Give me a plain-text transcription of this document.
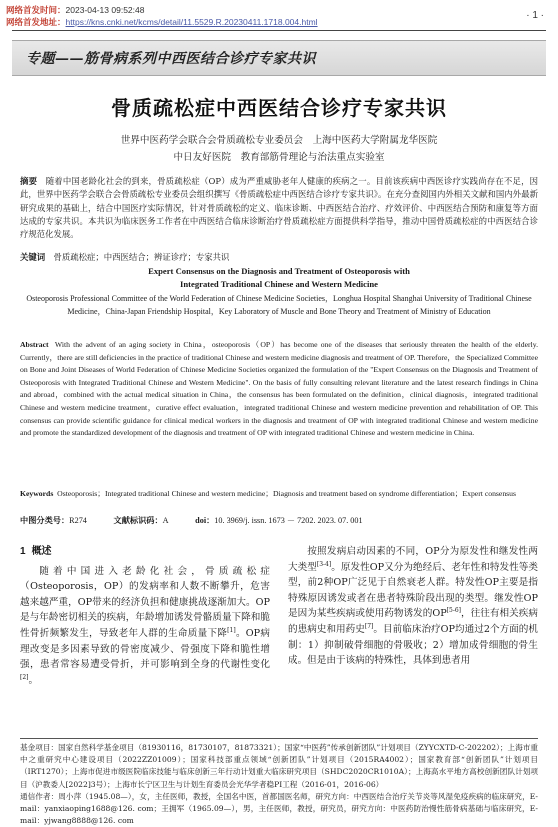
网络首发时间：2023-04-13 09:52:48
网络首发地址：https://kns.cnki.net/kcms/detail/11.5529.R.20230411.1718.004.html
· 1 ·
专题——筋骨病系列中西医结合诊疗专家共识
骨质疏松症中西医结合诊疗专家共识
世界中医药学会联合会骨质疏松专业委员会　上海中医药大学附属龙华医院
中日友好医院　教育部筋骨理论与治法重点实验室
摘要　 随着中国老龄化社会的到来，骨质疏松症（OP）成为严重威胁老年人健康的疾病之一。目前该疾病中西医诊疗实践尚存在不足，因此，世界中医药学会联合会骨质疏松专业委员会组织撰写《骨质疏松症中西医结合诊疗专家共识》。在充分查阅国内外相关文献和国内外最新研究成果的基础上，结合中国医疗实际情况，针对骨质疏松的定义、临床诊断、中西医结合治疗、疗效评价、中西医结合预防和康复等方面达成的专家共识。本共识为临床医务工作者在中西医结合临床诊断治疗骨质疏松症方面提供科学指导，推动中国骨质疏松症的中西医结合诊疗规范化发展。
关键词　 骨质疏松症；中西医结合；辨证诊疗；专家共识
Expert Consensus on the Diagnosis and Treatment of Osteoporosis with
Integrated Traditional Chinese and Western Medicine
Osteoporosis Professional Committee of the World Federation of Chinese Medicine Societies，Longhua Hospital Shanghai University of Traditional Chinese Medicine，China-Japan Friendship Hospital，Key Laboratory of Muscle and Bone Theory and Treatment of Ministry of Education
Abstract With the advent of an aging society in China，osteoporosis（OP）has become one of the diseases that seriously threaten the health of the elderly. Currently，there are still deficiencies in the practice of traditional Chinese and western medicine diagnosis and treatment of OP. Therefore，the Specialized Committee on Bone and Joint Diseases of World Federation of Chinese Medicine Societies organized the formulation of the "Expert Consensus on the Diagnosis and Treatment of Osteoporosis with Integrated Traditional Chinese and Western Medicine". On the basis of fully consulting relevant literature and the latest research findings in China and abroad，combined with the actual medical situation in China，the consensus has been formulated on the definition，clinical diagnosis，integrated traditional Chinese and western medicine treatment，curative effect evaluation，integrated traditional Chinese and western medicine prevention and rehabilitation of OP. This consensus can provide scientific guidance for clinical medical workers in the diagnosis and treatment of OP with integrated traditional Chinese and western medicine and promote the standardized development of the diagnosis and treatment of OP with integrated traditional Chinese and western medicine in China.
Keywords Osteoporosis；Integrated traditional Chinese and western medicine；Diagnosis and treatment based on syndrome differentiation；Expert consensus
中图分类号：R274	文献标识码：A	doi：10. 3969/j. issn. 1673 － 7202. 2023. 07. 001
1 概述

随着中国进入老龄化社会，骨质疏松症（Osteoporosis，OP）的发病率和人数不断攀升，危害越来越严重，OP带来的经济负担和健康挑战逐渐加大。OP是与年龄密切相关的疾病，年龄增加诱发骨骼质量下降和脆性骨折频繁发生，导致老年人群的生命质量下降[1]。OP病理改变是多因素导致的骨密度减少、骨强度下降和脆性增强，患者常容易遭受骨折，并可影响到全身的代谢性变化[2]。

按照发病启动因素的不同，OP分为原发性和继发性两大类型[3-4]。原发性OP又分为绝经后、老年性和特发性等类型，前2种OP广泛见于自然衰老人群。特发性OP主要是指特殊原因诱发或者在患者特殊阶段出现的类型。继发性OP是因为某些疾病或使用药物诱发的OP[5-6]，往往有相关疾病的患病史和用药史[7]。目前临床治疗OP均通过2个方面的机制：1）抑制破骨细胞的骨吸收；2）增加成骨细胞的骨生成。但是由于该病的特殊性，具体到患者用

基金项目：国家自然科学基金项目（81930116，81730107，81873321）；国家“中医药”传承创新团队”计划项目（ZYYCXTD-C-202202）；上海市重中之重研究中心建设项目（2022ZZ01009）；国家科技部重点领域“创新团队”计划项目（2015RA4002）；国家教育部“创新团队”计划项目（IRT1270）；上海市促进市级医院临床技能与临床创新三年行动计划重大临床研究项目（SHDC2020CR1010A）；上海高水平地方高校创新团队计划项目（沪教委人[2022]3号）；上海市长宁区卫生与计划生育委员会光华学者稳PI工程（2016-01，2016-06）
通信作者：周小萍（1945.08—），女，主任医师，教授，全国名中医，首都国医名师，研究方向：中西医结合治疗关节炎等风湿免疫疾病的临床研究，E-mail：yanxiaoping1688@126. com；王拥军（1965.09—），男，主任医师，教授，研究员，研究方向：中医药防治慢性筋骨病基础与临床研究，E-mail：yjwang8888@126. com
